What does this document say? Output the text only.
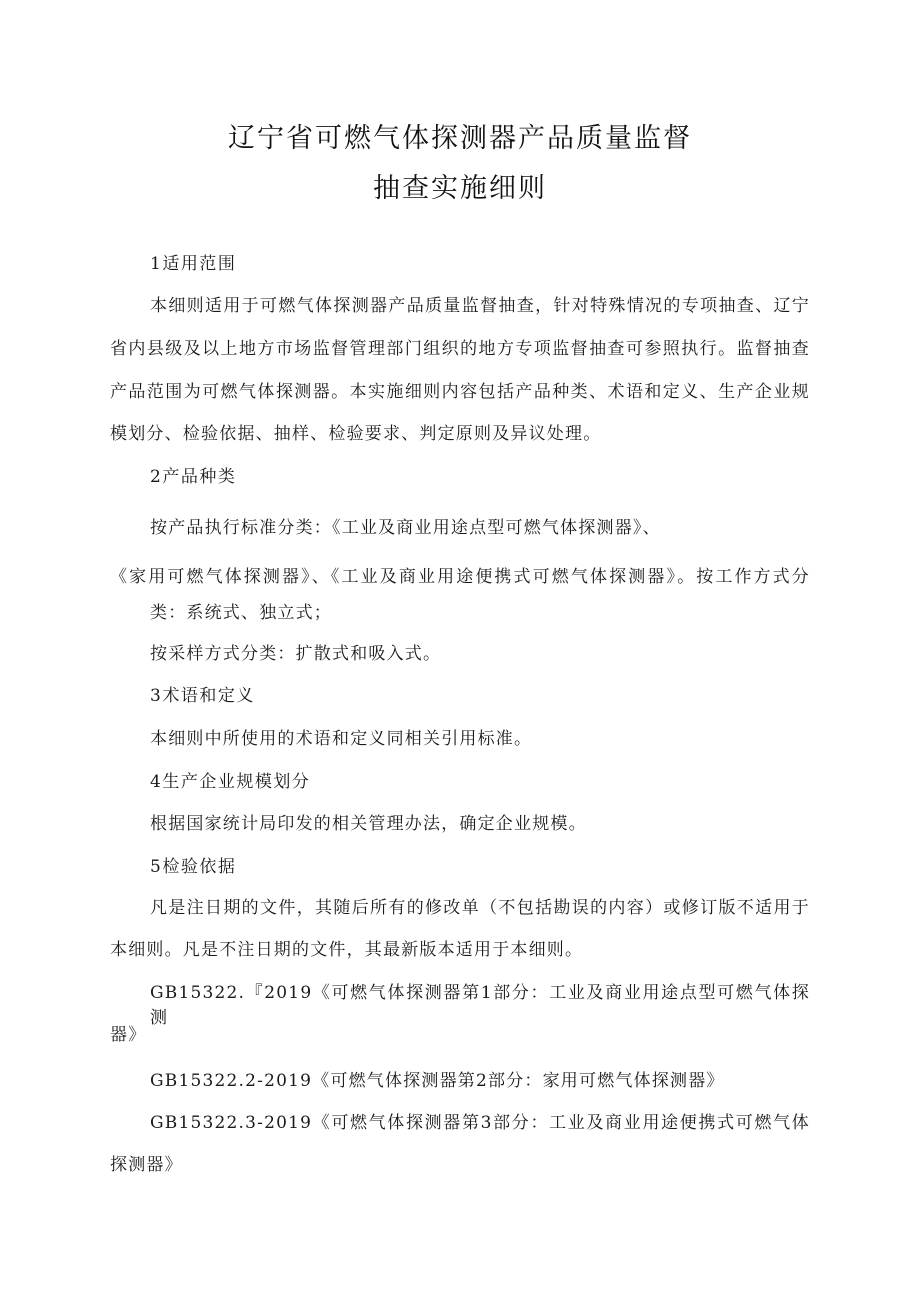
辽宁省可燃气体探测器产品质量监督
抽查实施细则
1适用范围
本细则适用于可燃气体探测器产品质量监督抽查，针对特殊情况的专项抽查、辽宁
省内县级及以上地方市场监督管理部门组织的地方专项监督抽查可参照执行。监督抽查
产品范围为可燃气体探测器。本实施细则内容包括产品种类、术语和定义、生产企业规
模划分、检验依据、抽样、检验要求、判定原则及异议处理。
2产品种类
按产品执行标准分类：《工业及商业用途点型可燃气体探测器》、
《家用可燃气体探测器》、《工业及商业用途便携式可燃气体探测器》。按工作方式分
类：系统式、独立式；
按采样方式分类：扩散式和吸入式。
3术语和定义
本细则中所使用的术语和定义同相关引用标准。
4生产企业规模划分
根据国家统计局印发的相关管理办法，确定企业规模。
5检验依据
凡是注日期的文件，其随后所有的修改单（不包括勘误的内容）或修订版不适用于
本细则。凡是不注日期的文件，其最新版本适用于本细则。
GB15322.『2019《可燃气体探测器第1部分：工业及商业用途点型可燃气体探测
器》
GB15322.2-2019《可燃气体探测器第2部分：家用可燃气体探测器》
GB15322.3-2019《可燃气体探测器第3部分：工业及商业用途便携式可燃气体
探测器》
